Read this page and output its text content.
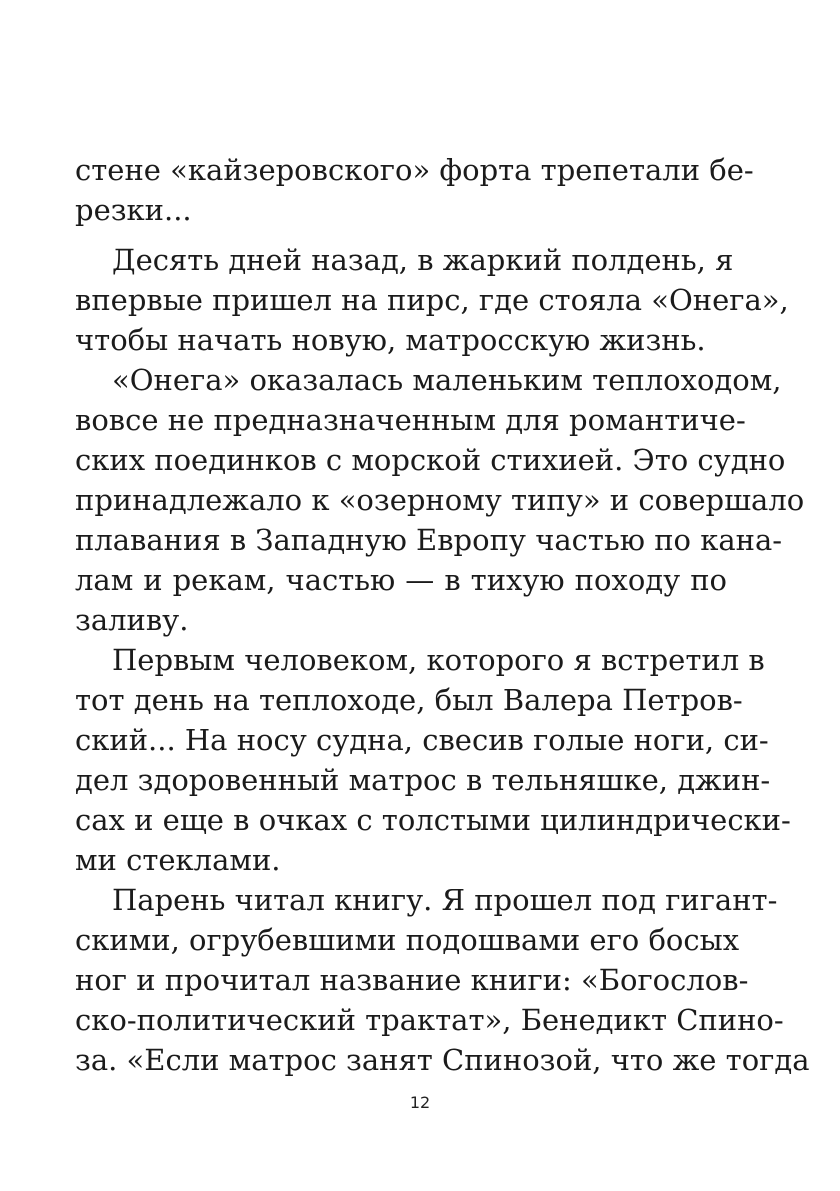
стене «кайзеровского» форта трепетали бе-
резки...
Десять дней назад, в жаркий полдень, я
впервые пришел на пирс, где стояла «Онега»,
чтобы начать новую, матросскую жизнь.
«Онега» оказалась маленьким теплоходом,
вовсе не предназначенным для романтиче-
ских поединков с морской стихией. Это судно
принадлежало к «озерному типу» и совершало
плавания в Западную Европу частью по кана-
лам и рекам, частью — в тихую походу по
заливу.
Первым человеком, которого я встретил в
тот день на теплоходе, был Валера Петров-
ский... На носу судна, свесив голые ноги, си-
дел здоровенный матрос в тельняшке, джин-
сах и еще в очках с толстыми цилиндрически-
ми стеклами.
Парень читал книгу. Я прошел под гигант-
скими, огрубевшими подошвами его босых
ног и прочитал название книги: «Богослов-
ско-политический трактат», Бенедикт Спино-
за. «Если матрос занят Спинозой, что же тогда
12
